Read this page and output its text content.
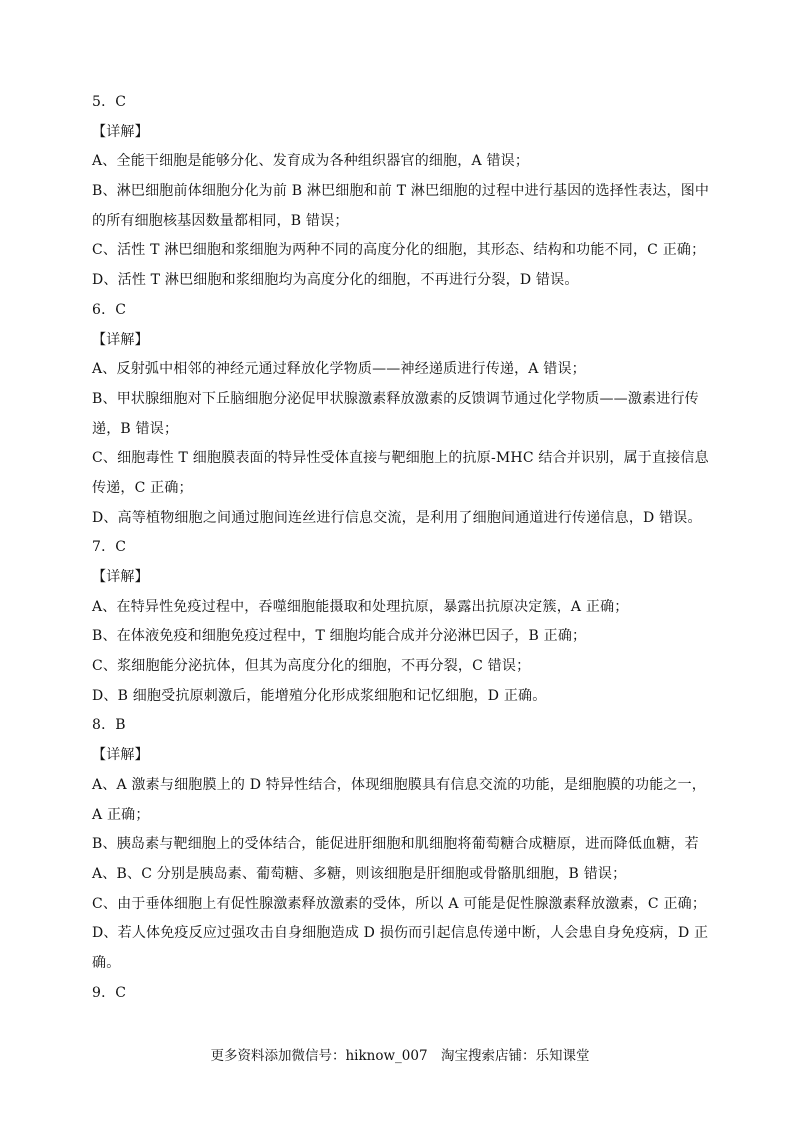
5．C
【详解】
A、全能干细胞是能够分化、发育成为各种组织器官的细胞，A 错误；
B、淋巴细胞前体细胞分化为前 B 淋巴细胞和前 T 淋巴细胞的过程中进行基因的选择性表达，图中
的所有细胞核基因数量都相同，B 错误；
C、活性 T 淋巴细胞和浆细胞为两种不同的高度分化的细胞，其形态、结构和功能不同，C 正确；
D、活性 T 淋巴细胞和浆细胞均为高度分化的细胞，不再进行分裂，D 错误。
6．C
【详解】
A、反射弧中相邻的神经元通过释放化学物质——神经递质进行传递，A 错误；
B、甲状腺细胞对下丘脑细胞分泌促甲状腺激素释放激素的反馈调节通过化学物质——激素进行传
递，B 错误；
C、细胞毒性 T 细胞膜表面的特异性受体直接与靶细胞上的抗原-MHC 结合并识别，属于直接信息
传递，C 正确；
D、高等植物细胞之间通过胞间连丝进行信息交流，是利用了细胞间通道进行传递信息，D 错误。
7．C
【详解】
A、在特异性免疫过程中，吞噬细胞能摄取和处理抗原，暴露出抗原决定簇，A 正确；
B、在体液免疫和细胞免疫过程中，T 细胞均能合成并分泌淋巴因子，B 正确；
C、浆细胞能分泌抗体，但其为高度分化的细胞，不再分裂，C 错误；
D、B 细胞受抗原刺激后，能增殖分化形成浆细胞和记忆细胞，D 正确。
8．B
【详解】
A、A 激素与细胞膜上的 D 特异性结合，体现细胞膜具有信息交流的功能，是细胞膜的功能之一，
A 正确；
B、胰岛素与靶细胞上的受体结合，能促进肝细胞和肌细胞将葡萄糖合成糖原，进而降低血糖，若
A、B、C 分别是胰岛素、葡萄糖、多糖，则该细胞是肝细胞或骨骼肌细胞，B 错误；
C、由于垂体细胞上有促性腺激素释放激素的受体，所以 A 可能是促性腺激素释放激素，C 正确；
D、若人体免疫反应过强攻击自身细胞造成 D 损伤而引起信息传递中断，人会患自身免疫病，D 正
确。
9．C
更多资料添加微信号：hiknow_007　淘宝搜索店铺：乐知课堂
